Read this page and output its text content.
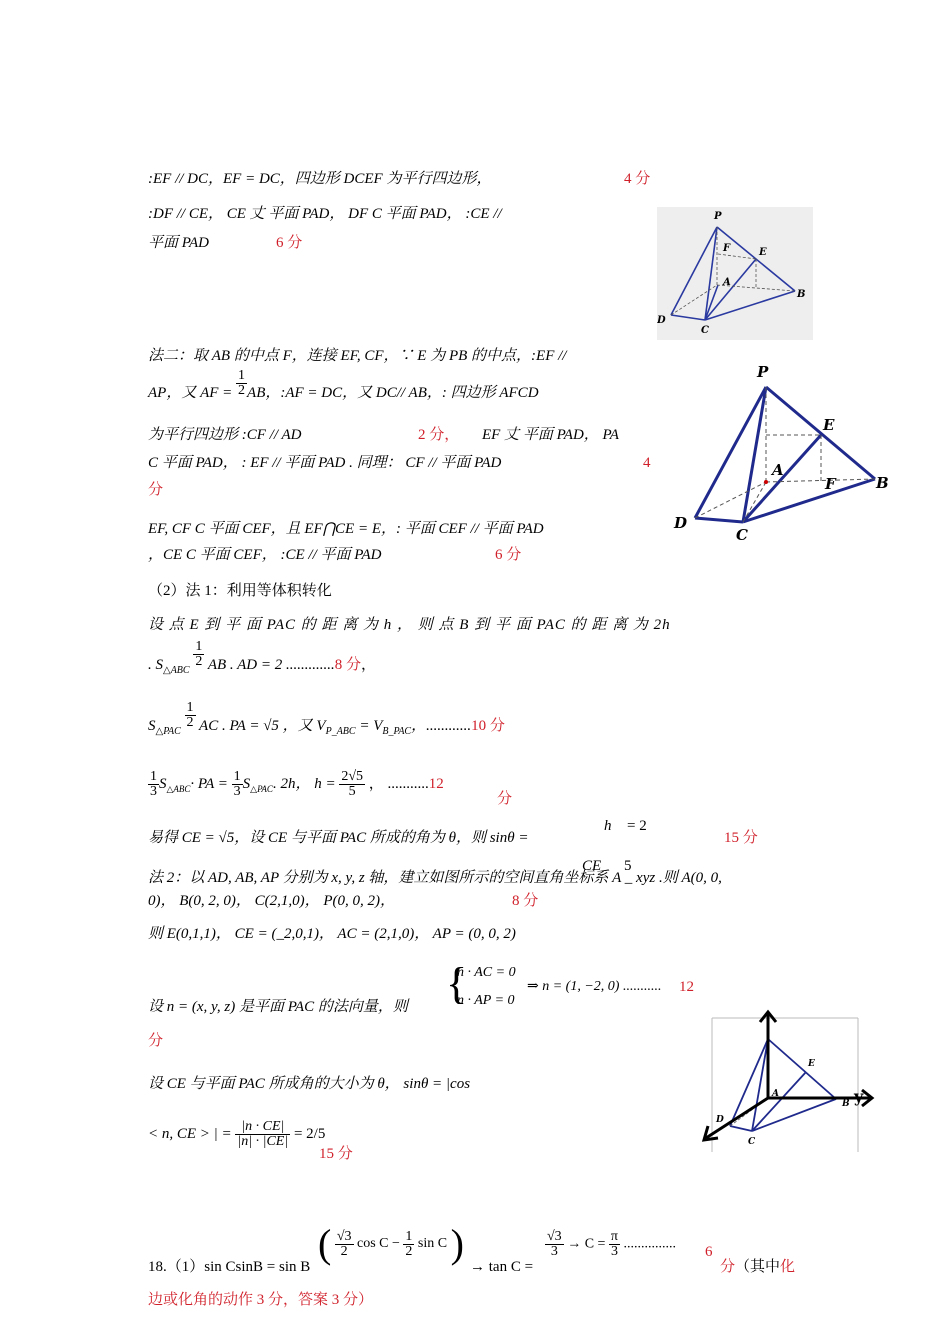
:EF // DC，EF = DC，四边形 DCEF 为平行四边形，	4 分
:DF // CE， CE 丈 平面 PAD， DF C 平面 PAD， :CE //
平面 PAD	6 分
P
E
F
A
B
D
C
法二：取 AB 的中点 F，连接 EF, CF，∵ E 为 PB 的中点，:EF //
AP，又 AF = $\frac{1}{2}$ AB，:AF = DC，又 DC// AB，: 四边形 AFCD
为平行四边形 :CF // AD	2 分， EF 丈 平面 PAD， PA
C 平面 PAD， : EF // 平面 PAD . 同理： CF // 平面 PAD	4
分
EF, CF C 平面 CEF，且 EF⋂CE = E，: 平面 CEF // 平面 PAD
，CE C 平面 CEF， :CE // 平面 PAD	6 分
P
E
F
A
B
D
C
（2）法 1：利用等体积转化
设 点 E 到 平 面 PAC 的 距 离 为 h ， 则 点 B 到 平 面 PAC 的 距 离 为 2h
. $S_{\triangle ABC}$
$\frac{1}{2}$ AB . AD = 2 .............8 分，
$S_{\triangle PAC}$
$\frac{1}{2}$ AC . PA = √5 ，又 $V_{P\_ABC} = V_{B\_PAC}$，............10 分
$\frac{1}{3} S_{\triangle ABC}\cdot$ PA = $\frac{1}{3} S_{\triangle PAC}$. 2h， $h = \frac{2√5}{5}$ ， ...........12
分
易得 CE = √5，设 CE 与平面 PAC 所成的角为 θ，则 sinθ =
h
CE
= 2
5
15 分
法 2：以 AD, AB, AP 分别为 x, y, z 轴，建立如图所示的空间直角坐标系 A _ xyz .则 A(0, 0,
0)， B(0, 2, 0)， C(2,1,0)， P(0, 0, 2)，	8 分
则 E(0,1,1)， CE = (_2,0,1)， AC = (2,1,0)， AP = (0, 0, 2)
n · AC = 0
n · AP = 0
{	⇒ n = (1, −2, 0) ........... 12
设 n = (x, y, z) 是平面 PAC 的法向量，则
分
设 CE 与平面 PAC 所成角的大小为 θ， sinθ = |cos
< n, CE > | = $\frac{|n \cdot CE|}{|n| \cdot |CE|} = 2/5$
15 分
E
A
D
C
B y
18.（1）sin CsinB = sin B
( $\frac{√3}{2}$ $\cos C - \frac{1}{2}$ sin C )
→ tan C =
$\frac{√3}{3} \to C = \frac{\pi}{3}$ ............... 6
分（其中化
边或化角的动作 3 分，答案 3 分）
